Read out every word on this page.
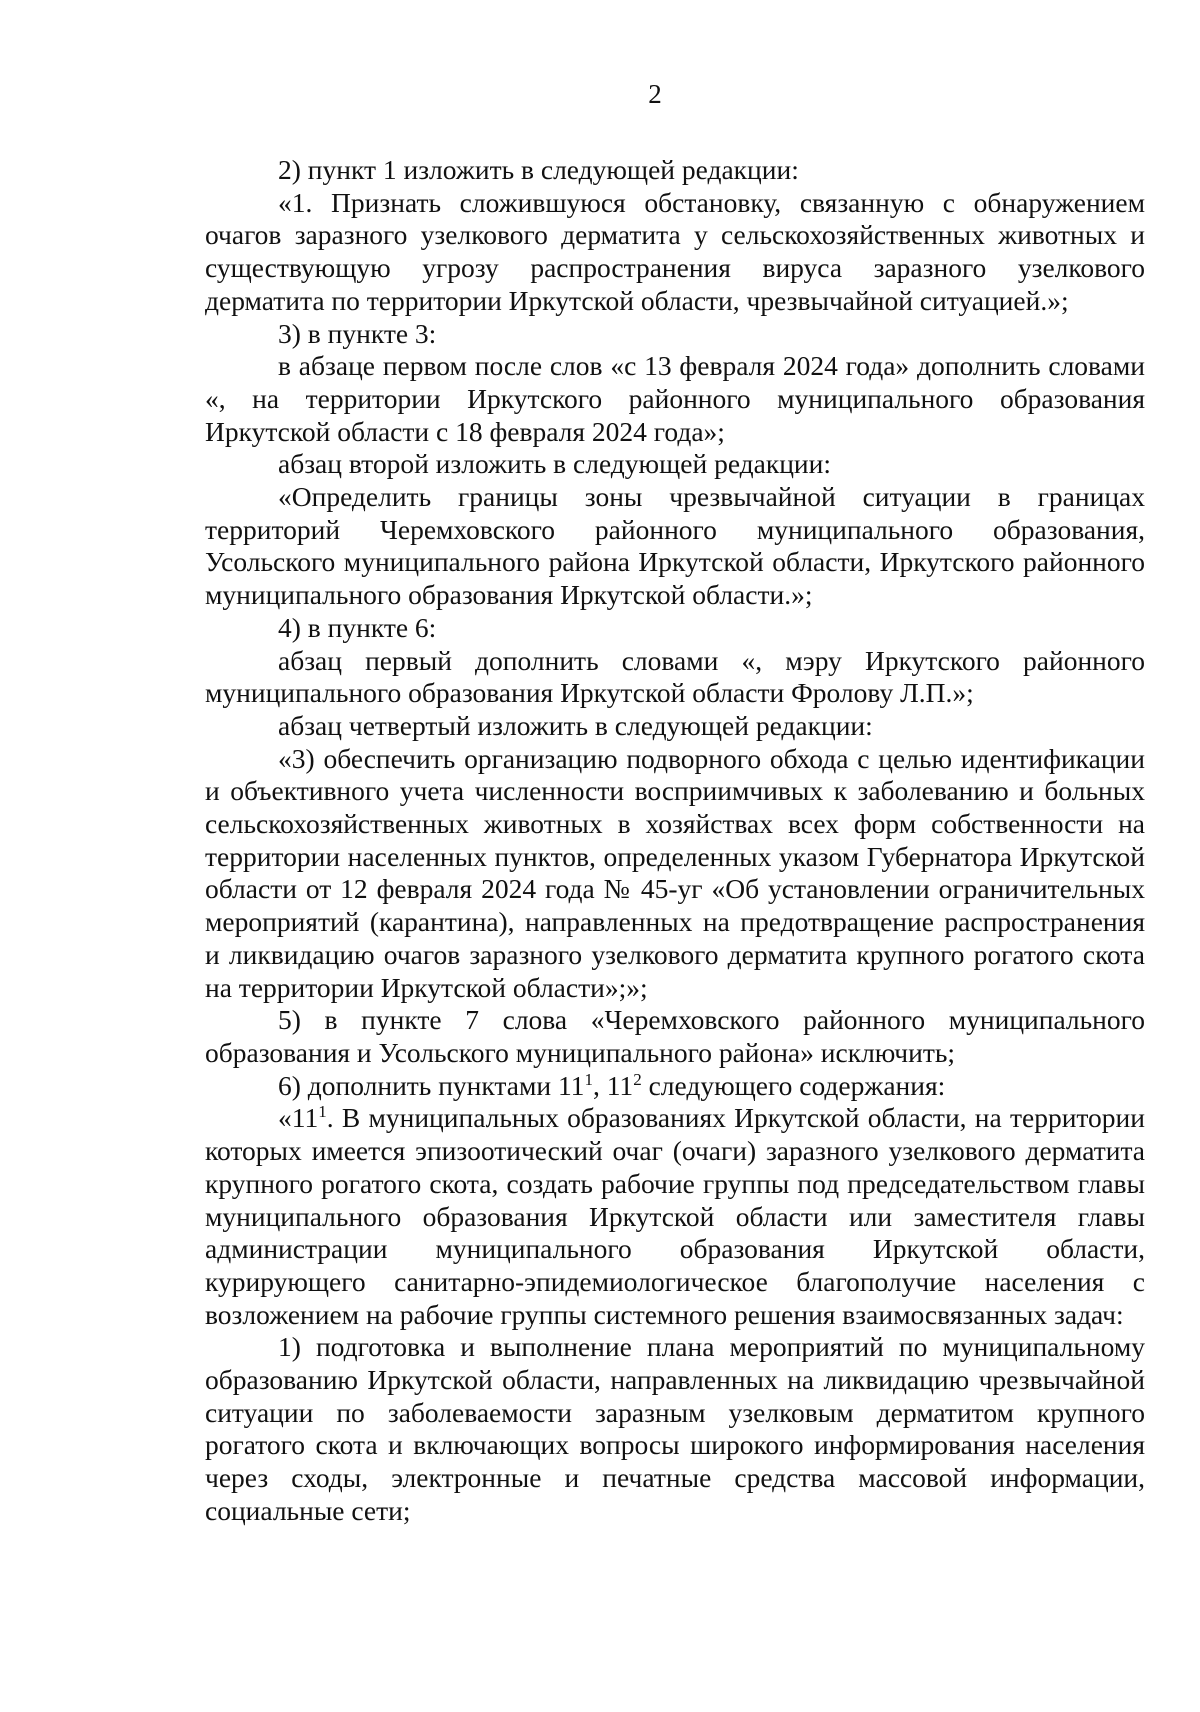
2

2) пункт 1 изложить в следующей редакции:

«1. Признать сложившуюся обстановку, связанную с обнаружением очагов заразного узелкового дерматита у сельскохозяйственных животных и существующую угрозу распространения вируса заразного узелкового дерматита по территории Иркутской области, чрезвычайной ситуацией.»;

3) в пункте 3:

в абзаце первом после слов «с 13 февраля 2024 года» дополнить словами «, на территории Иркутского районного муниципального образования Иркутской области с 18 февраля 2024 года»;

абзац второй изложить в следующей редакции:

«Определить границы зоны чрезвычайной ситуации в границах территорий Черемховского районного муниципального образования, Усольского муниципального района Иркутской области, Иркутского районного муниципального образования Иркутской области.»;

4) в пункте 6:

абзац первый дополнить словами «, мэру Иркутского районного муниципального образования Иркутской области Фролову Л.П.»;

абзац четвертый изложить в следующей редакции:

«3) обеспечить организацию подворного обхода с целью идентификации и объективного учета численности восприимчивых к заболеванию и больных сельскохозяйственных животных в хозяйствах всех форм собственности на территории населенных пунктов, определенных указом Губернатора Иркутской области от 12 февраля 2024 года № 45-уг «Об установлении ограничительных мероприятий (карантина), направленных на предотвращение распространения и ликвидацию очагов заразного узелкового дерматита крупного рогатого скота на территории Иркутской области»;»;

5) в пункте 7 слова «Черемховского районного муниципального образования и Усольского муниципального района» исключить;

6) дополнить пунктами $11^1$, $11^2$ следующего содержания:

«$11^1$. В муниципальных образованиях Иркутской области, на территории которых имеется эпизоотический очаг (очаги) заразного узелкового дерматита крупного рогатого скота, создать рабочие группы под председательством главы муниципального образования Иркутской области или заместителя главы администрации муниципального образования Иркутской области, курирующего санитарно-эпидемиологическое благополучие населения с возложением на рабочие группы системного решения взаимосвязанных задач:

1) подготовка и выполнение плана мероприятий по муниципальному образованию Иркутской области, направленных на ликвидацию чрезвычайной ситуации по заболеваемости заразным узелковым дерматитом крупного рогатого скота и включающих вопросы широкого информирования населения через сходы, электронные и печатные средства массовой информации, социальные сети;
